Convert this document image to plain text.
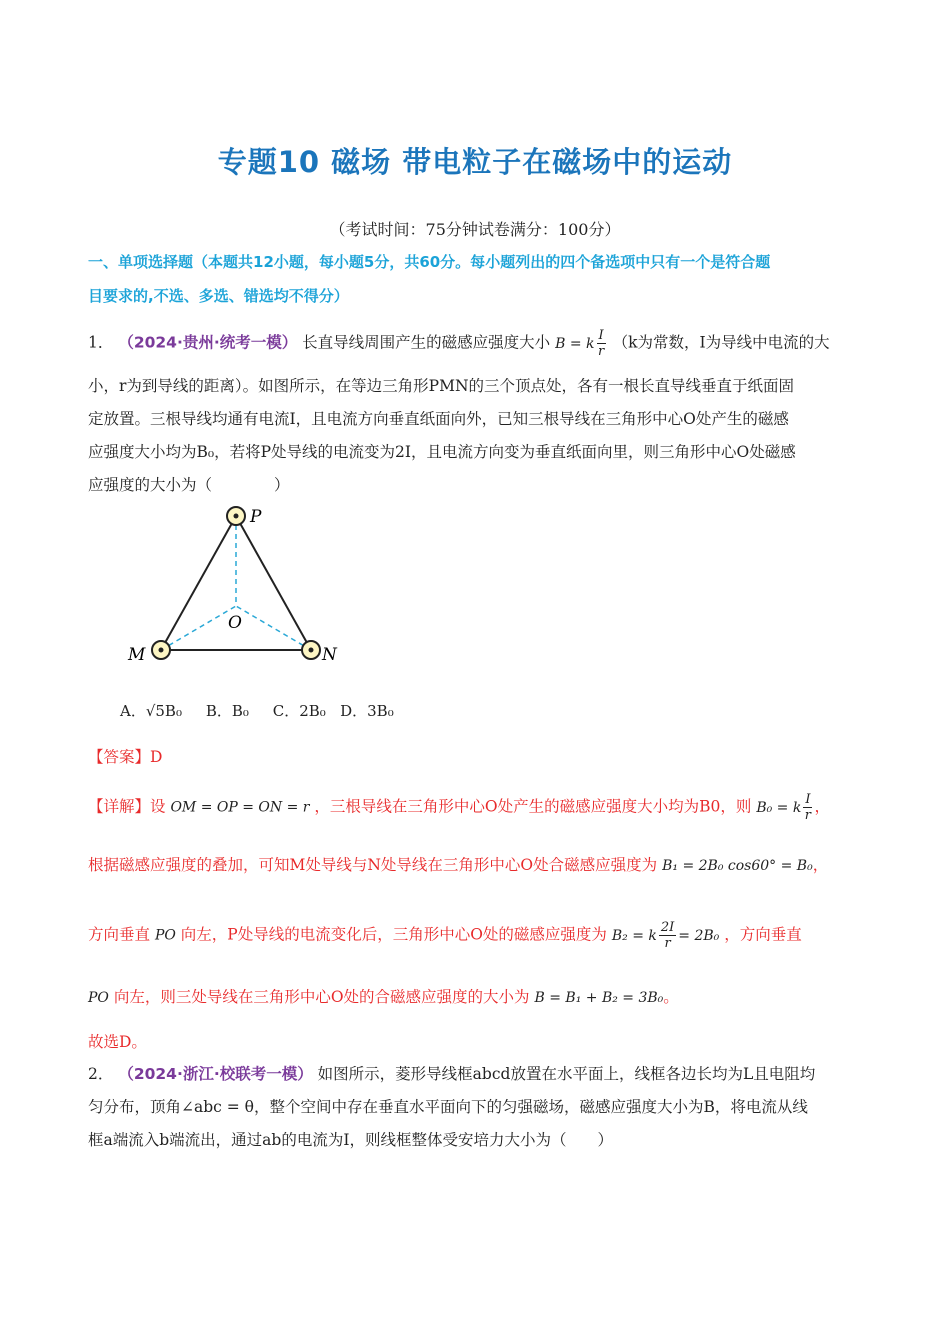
专题10 磁场 带电粒子在磁场中的运动
（考试时间：75分钟试卷满分：100分）
一、单项选择题（本题共12小题，每小题5分，共60分。每小题列出的四个备选项中只有一个是符合题
目要求的,不选、多选、错选均不得分）
1． （2024·贵州·统考一模） 长直导线周围产生的磁感应强度大小 B = k $\frac{I}{r} (k$为常数，I为导线中电流的大
小，r为到导线的距离）。如图所示，在等边三角形PMN的三个顶点处，各有一根长直导线垂直于纸面固
定放置。三根导线均通有电流I，且电流方向垂直纸面向外，已知三根导线在三角形中心O处产生的磁感
应强度大小均为B₀，若将P处导线的电流变为2I，且电流方向变为垂直纸面向里，则三角形中心O处磁感
应强度的大小为（　　　　）
P
M	N
O
A．√5B₀ B．B₀ C．2B₀ D．3B₀
【答案】D
【详解】设 OM = OP = ON = r ，三根导线在三角形中心O处产生的磁感应强度大小均为B0，则 B₀ = k $\frac{I}{r}$ ，
根据磁感应强度的叠加，可知M处导线与N处导线在三角形中心O处合磁感应强度为 B₁ = 2B₀ cos60° = B₀，
方向垂直 PO 向左，P处导线的电流变化后，三角形中心O处的磁感应强度为 B₂ = k $\frac{2I}{r} = 2B_0$ ，方向垂直
PO 向左，则三处导线在三角形中心O处的合磁感应强度的大小为 B = B₁ + B₂ = 3B₀。
故选D。
2． （2024·浙江·校联考一模） 如图所示，菱形导线框abcd放置在水平面上，线框各边长均为L且电阻均
匀分布，顶角∠abc = θ，整个空间中存在垂直水平面向下的匀强磁场，磁感应强度大小为B，将电流从线
框a端流入b端流出，通过ab的电流为I，则线框整体受安培力大小为（　　）
